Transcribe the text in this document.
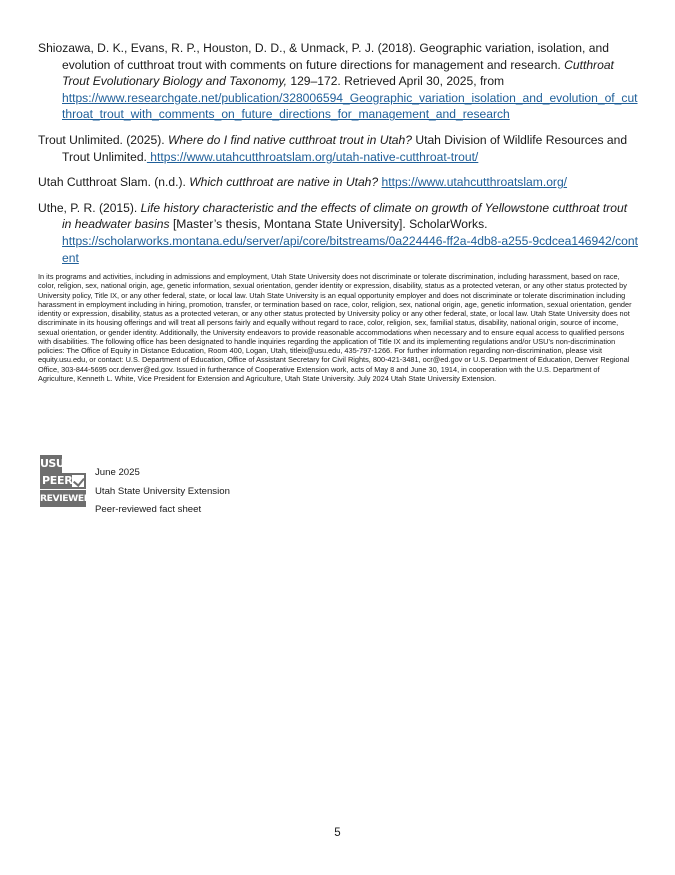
Shiozawa, D. K., Evans, R. P., Houston, D. D., & Unmack, P. J. (2018). Geographic variation, isolation, and evolution of cutthroat trout with comments on future directions for management and research. Cutthroat Trout Evolutionary Biology and Taxonomy, 129–172. Retrieved April 30, 2025, from
https://www.researchgate.net/publication/328006594_Geographic_variation_isolation_and_evolution_of_cutthroat_trout_with_comments_on_future_directions_for_management_and_research

Trout Unlimited. (2025). Where do I find native cutthroat trout in Utah? Utah Division of Wildlife Resources and Trout Unlimited. https://www.utahcutthroatslam.org/utah-native-cutthroat-trout/

Utah Cutthroat Slam. (n.d.). Which cutthroat are native in Utah? https://www.utahcutthroatslam.org/

Uthe, P. R. (2015). Life history characteristic and the effects of climate on growth of Yellowstone cutthroat trout in headwater basins [Master’s thesis, Montana State University]. ScholarWorks.
https://scholarworks.montana.edu/server/api/core/bitstreams/0a224446-ff2a-4db8-a255-9cdcea146942/content

In its programs and activities, including in admissions and employment, Utah State University does not discriminate or tolerate discrimination, including harassment, based on race, color, religion, sex, national origin, age, genetic information, sexual orientation, gender identity or expression, disability, status as a protected veteran, or any other status protected by University policy, Title IX, or any other federal, state, or local law. Utah State University is an equal opportunity employer and does not discriminate or tolerate discrimination including harassment in employment including in hiring, promotion, transfer, or termination based on race, color, religion, sex, national origin, age, genetic information, sexual orientation, gender identity or expression, disability, status as a protected veteran, or any other status protected by University policy or any other federal, state, or local law. Utah State University does not discriminate in its housing offerings and will treat all persons fairly and equally without regard to race, color, religion, sex, familial status, disability, national origin, source of income, sexual orientation, or gender identity. Additionally, the University endeavors to provide reasonable accommodations when necessary and to ensure equal access to qualified persons with disabilities. The following office has been designated to handle inquiries regarding the application of Title IX and its implementing regulations and/or USU’s non-discrimination policies: The Office of Equity in Distance Education, Room 400, Logan, Utah, titleix@usu.edu, 435-797-1266. For further information regarding non-discrimination, please visit equity.usu.edu, or contact: U.S. Department of Education, Office of Assistant Secretary for Civil Rights, 800-421-3481, ocr@ed.gov or U.S. Department of Education, Denver Regional Office, 303-844-5695 ocr.denver@ed.gov. Issued in furtherance of Cooperative Extension work, acts of May 8 and June 30, 1914, in cooperation with the U.S. Department of Agriculture, Kenneth L. White, Vice President for Extension and Agriculture, Utah State University. July 2024 Utah State University Extension.
USU
PEER
REVIEWED
June 2025
Utah State University Extension
Peer-reviewed fact sheet
5
